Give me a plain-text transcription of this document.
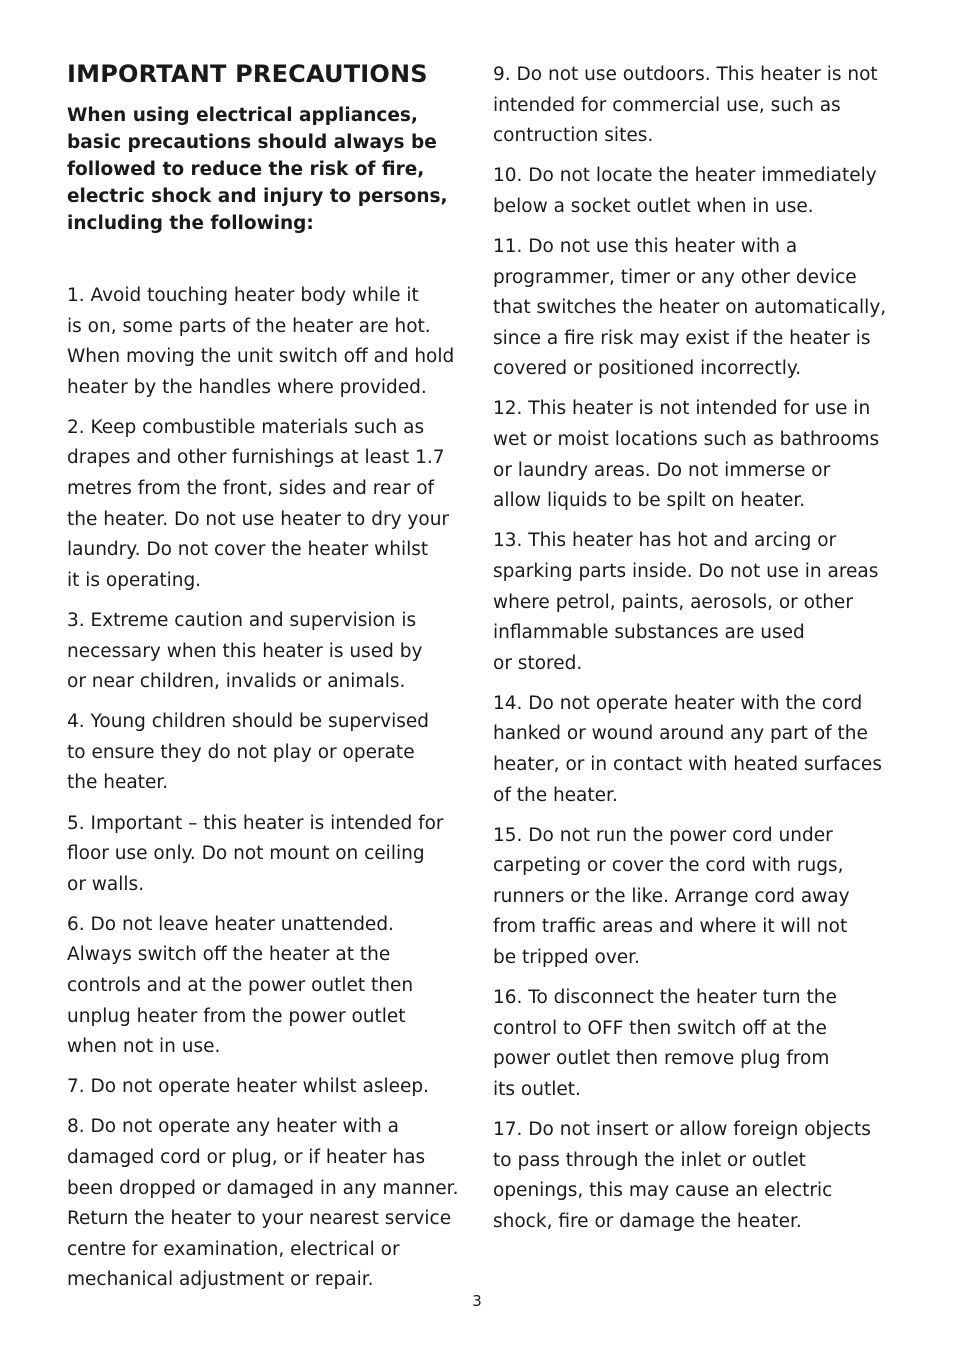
IMPORTANT PRECAUTIONS

When using electrical appliances,
basic precautions should always be
followed to reduce the risk of fire,
electric shock and injury to persons,
including the following:

1. Avoid touching heater body while it
is on, some parts of the heater are hot.
When moving the unit switch off and hold
heater by the handles where provided.

2. Keep combustible materials such as
drapes and other furnishings at least 1.7
metres from the front, sides and rear of
the heater. Do not use heater to dry your
laundry. Do not cover the heater whilst
it is operating.

3. Extreme caution and supervision is
necessary when this heater is used by
or near children, invalids or animals.

4. Young children should be supervised
to ensure they do not play or operate
the heater.

5. Important – this heater is intended for
floor use only. Do not mount on ceiling
or walls.

6. Do not leave heater unattended.
Always switch off the heater at the
controls and at the power outlet then
unplug heater from the power outlet
when not in use.

7. Do not operate heater whilst asleep.

8. Do not operate any heater with a
damaged cord or plug, or if heater has
been dropped or damaged in any manner.
Return the heater to your nearest service
centre for examination, electrical or
mechanical adjustment or repair.

9. Do not use outdoors. This heater is not
intended for commercial use, such as
contruction sites.

10. Do not locate the heater immediately
below a socket outlet when in use.

11. Do not use this heater with a
programmer, timer or any other device
that switches the heater on automatically,
since a fire risk may exist if the heater is
covered or positioned incorrectly.

12. This heater is not intended for use in
wet or moist locations such as bathrooms
or laundry areas. Do not immerse or
allow liquids to be spilt on heater.

13. This heater has hot and arcing or
sparking parts inside. Do not use in areas
where petrol, paints, aerosols, or other
inflammable substances are used
or stored.

14. Do not operate heater with the cord
hanked or wound around any part of the
heater, or in contact with heated surfaces
of the heater.

15. Do not run the power cord under
carpeting or cover the cord with rugs,
runners or the like. Arrange cord away
from traffic areas and where it will not
be tripped over.

16. To disconnect the heater turn the
control to OFF then switch off at the
power outlet then remove plug from
its outlet.

17. Do not insert or allow foreign objects
to pass through the inlet or outlet
openings, this may cause an electric
shock, fire or damage the heater.

3
